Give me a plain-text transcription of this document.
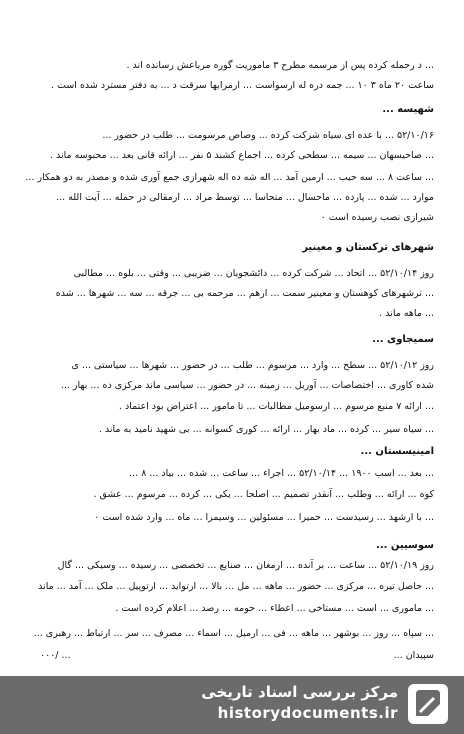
... د رحمله کرده پس از مرسمه مطرح ۳ ماموریت گوره مرباعش رسانده اند .
ساعت ۲۰ ماه ۳ ۱۰ ... جمه دره له ارسواست ... ارمرابها سرقت د ... به دفتر مسترد شده است .
شهیسه ...
۵۲/۱۰/۱۶ ... با عده ای سیاه شرکت کرده ... وصاص مرسومت ... طلب در حضور ...
... صاحیسهان ... سیمه ... سطحی کرده ... اجماع کشند ۵ نفر ... ارائه قانی بعد ... محبوسه ماند .
... ساعت ۸ ... سه حیب ... ارمین آمد ... اله شه ده اله شهرازی جمع آوری شده و مصدر به دو همکار ...
موارد ... شده ... پارده ... ماحسال ... متحاسا ... توسط مراد ... ارمقالی در حمله ... آیت الله ...
شیرازی نصب رسیده است ۰
شهرهای ترکستان و معینیر
روز ۵۲/۱۰/۱۴ ... اتحاد ... شرکت کرده ... دائشجویان ... ضریبی ... وقتی ... بلوه ... مطالبی
... ترشهرهای کوهستان و معینیر سمت ... ارهم ... مرحمه بی ... جرقه ... سه ... شهرها ... شده
... ماهه ماند .
سمیجاوی ...
روز ۵۲/۱۰/۱۲ ... سطح ... وارد ... مرسوم ... طلب ... در حضور ... شهرها ... سیاستی ... ی
شده کاوری ... اختصاصات ... آوریل ... زمینه ... در حضور ... سیاسی ماند مرکزی ده ... بهار ...
... ارائه ۷ منبع مرسوم ... ارسومیل مطالبات ... تا مامور ... اعتراض بود اعتماد .
... سیاه سیر ... کرده ... ماد بهار ... ارائه ... کوری کسوانه ... بی شهید نامید به ماند .
امینیسستان ...
... بعد ... اسب ۱۹۰۰ ... ۵۲/۱۰/۱۴ ... اجراء ... ساعت ... شده ... بیاد ... ۸ ...
کوه ... ارائه ... وطلب ... آنقدر تصمیم ... اصلحا ... یکی ... کرده ... مرسوم ... عشق .
... با ارشهد ... رسیدست ... حمیرا ... مسئولین ... وسیمرا ... ماه ... وارد شده است ۰
سوسیین ...
روز ۵۲/۱۰/۱۹ ... ساعت ... بر آنده ... ارمغان ... صنایع ... تخصصی ... رسیده ... وسیکی ... گال
... حاصل تیره ... مرکزی ... حضور ... ماهه ... مل ... بالا ... ارتواید ... ارتوپیل ... ملک ... آمد ... ماند
... ماموری ... است ... مستاخی ... اعطاء ... حومه ... رصد ... اعلام کرده است .
... سپاه ... روز ... بوشهر ... ماهه ... فی ... ارمیل ... اسماء ... مصرف ... سر ... ارتباط ... رهبری ...
سپیدان ...
۰۰۰/ ...
مرکز بررسی اسناد تاریخی
historydocuments.ir
